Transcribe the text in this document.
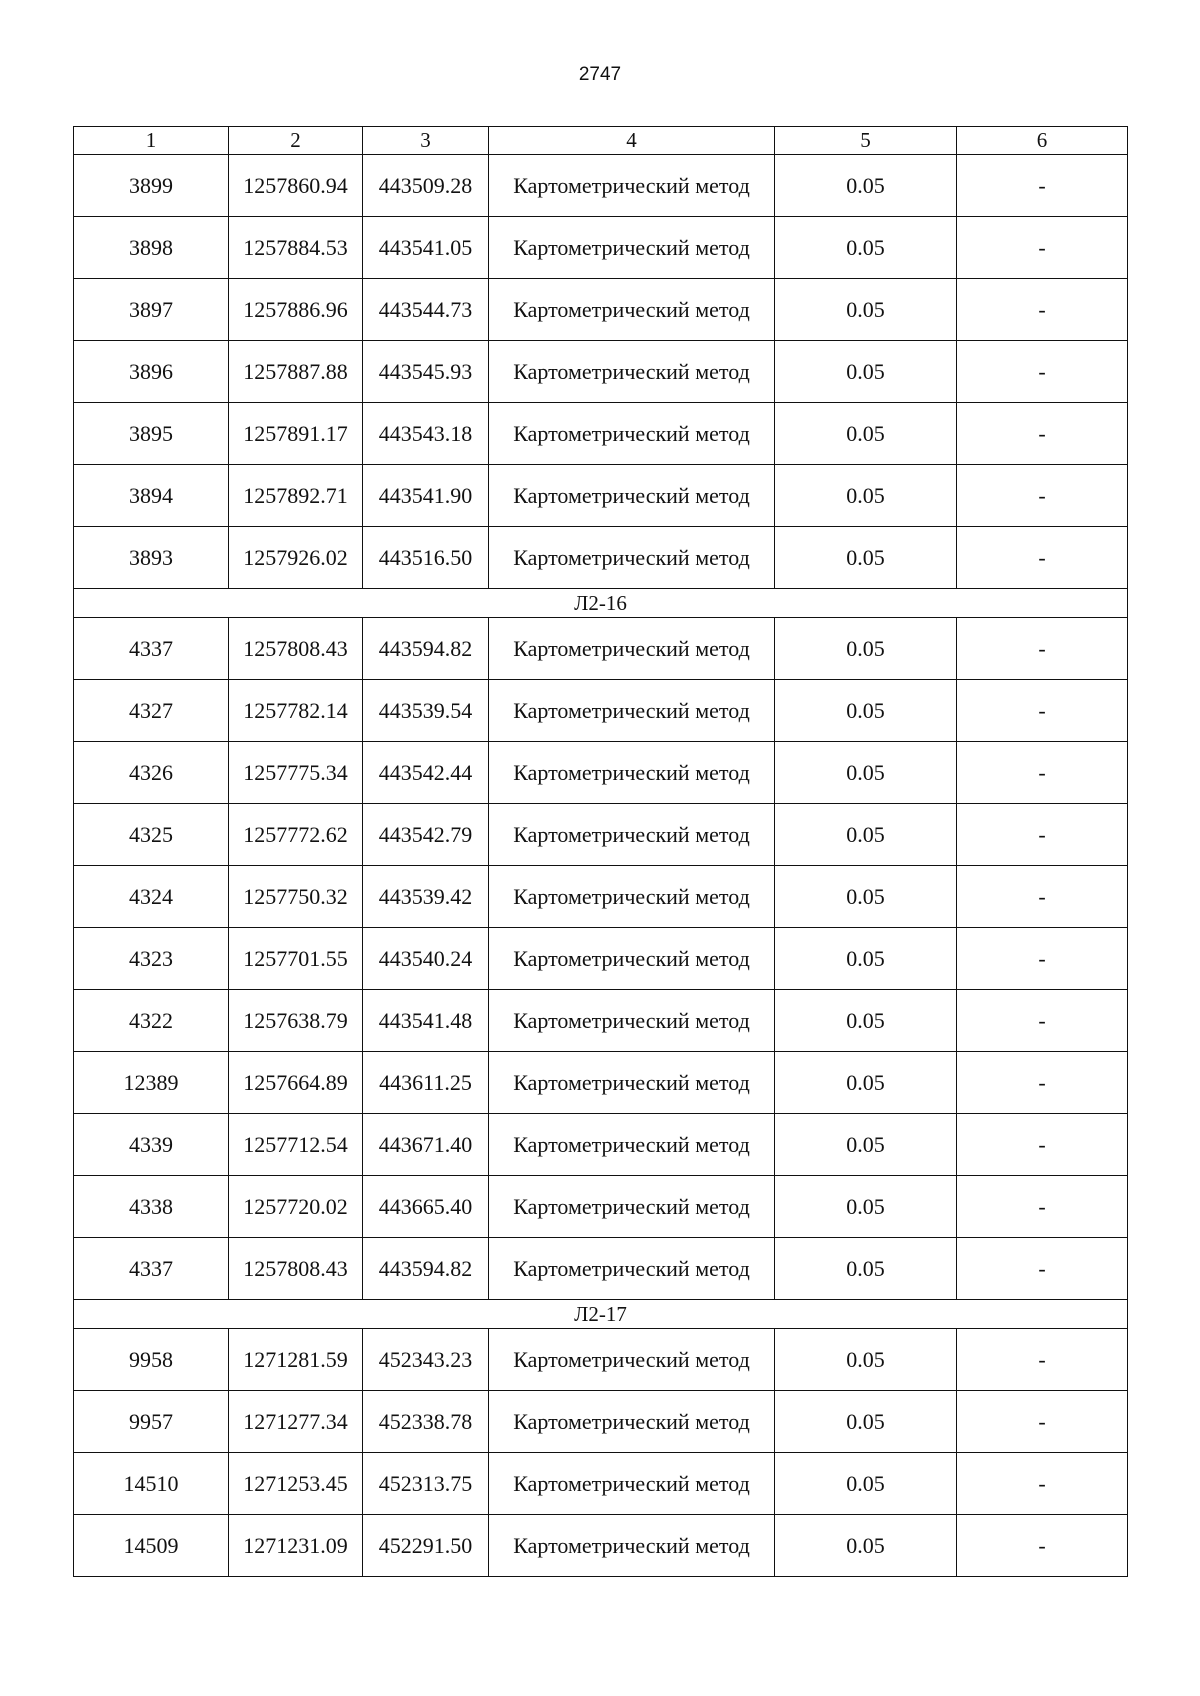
2747
1	2	3	4	5	6
3899	1257860.94	443509.28	Картометрический метод	0.05	-
3898	1257884.53	443541.05	Картометрический метод	0.05	-
3897	1257886.96	443544.73	Картометрический метод	0.05	-
3896	1257887.88	443545.93	Картометрический метод	0.05	-
3895	1257891.17	443543.18	Картометрический метод	0.05	-
3894	1257892.71	443541.90	Картометрический метод	0.05	-
3893	1257926.02	443516.50	Картометрический метод	0.05	-
Л2-16					
4337	1257808.43	443594.82	Картометрический метод	0.05	-
4327	1257782.14	443539.54	Картометрический метод	0.05	-
4326	1257775.34	443542.44	Картометрический метод	0.05	-
4325	1257772.62	443542.79	Картометрический метод	0.05	-
4324	1257750.32	443539.42	Картометрический метод	0.05	-
4323	1257701.55	443540.24	Картометрический метод	0.05	-
4322	1257638.79	443541.48	Картометрический метод	0.05	-
12389	1257664.89	443611.25	Картометрический метод	0.05	-
4339	1257712.54	443671.40	Картометрический метод	0.05	-
4338	1257720.02	443665.40	Картометрический метод	0.05	-
4337	1257808.43	443594.82	Картометрический метод	0.05	-
Л2-17					
9958	1271281.59	452343.23	Картометрический метод	0.05	-
9957	1271277.34	452338.78	Картометрический метод	0.05	-
14510	1271253.45	452313.75	Картометрический метод	0.05	-
14509	1271231.09	452291.50	Картометрический метод	0.05	-
